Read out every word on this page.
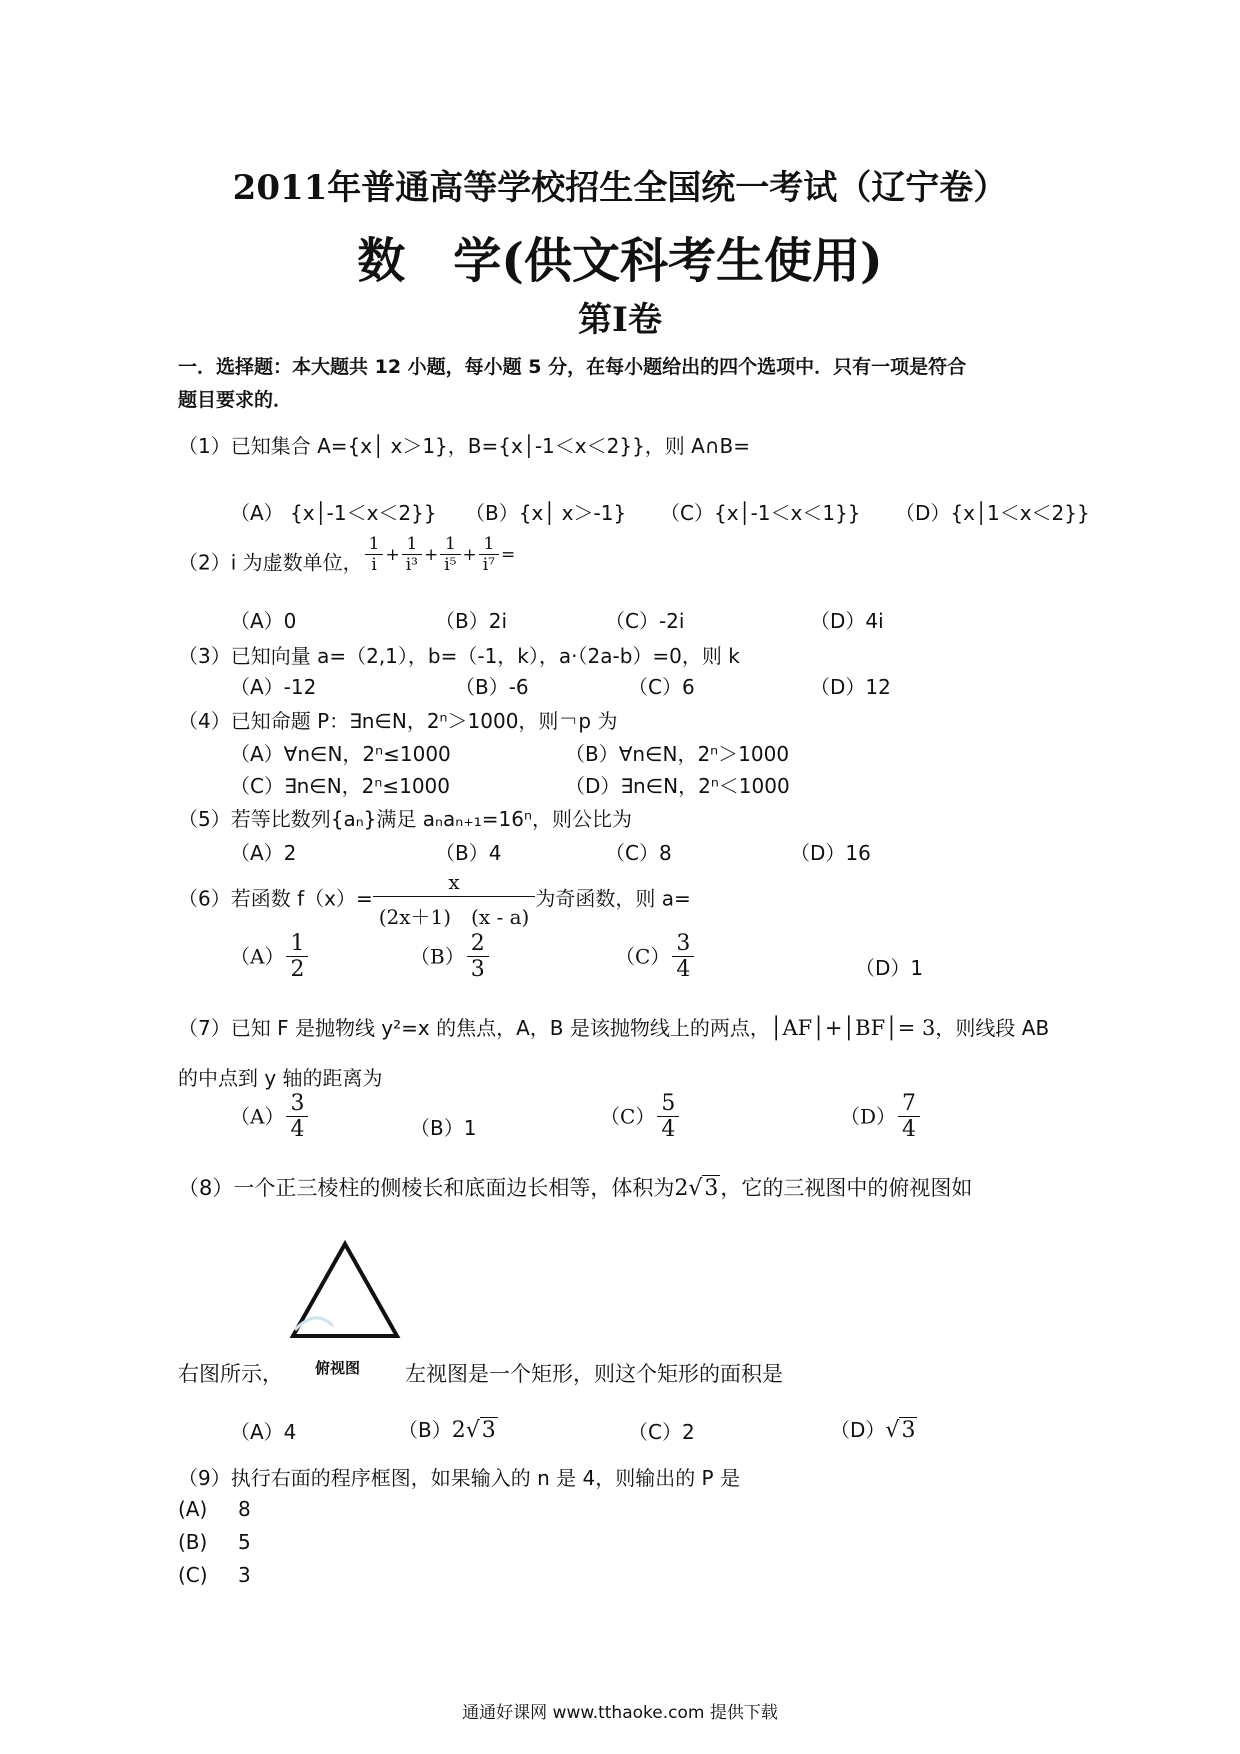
2011年普通高等学校招生全国统一考试（辽宁卷）
数　学(供文科考生使用)
第Ⅰ卷
一．选择题：本大题共 12 小题，每小题 5 分，在每小题给出的四个选项中．只有一项是符合
题目要求的．
（1）已知集合 A={x│ x＞1}，B={x│-1＜x＜2}}，则 A∩B=
（A） {x│-1＜x＜2}} （B）{x│ x＞-1} （C）{x│-1＜x＜1}} （D）{x│1＜x＜2}}
（2）i 为虚数单位， $^{\frac{1}{i} + \frac{1}{\text{i³}} + \frac{1}{\text{i⁵}} + \frac{1}{\text{i⁷}} =}$
（A）0	（B）2i	（C）-2i	（D）4i
（3）已知向量 a=（2,1），b=（-1，k），a·（2a-b）=0，则 k
（A）-12	（B）-6	（C）6	（D）12
（4）已知命题 P：∃n∈N，2ⁿ＞1000，则￢p 为
（A）∀n∈N，2ⁿ≤1000	（B）∀n∈N，2ⁿ＞1000
（C）∃n∈N，2ⁿ≤1000	（D）∃n∈N，2ⁿ＜1000
（5）若等比数列{aₙ}满足 aₙaₙ₊₁=16ⁿ，则公比为
（A）2	（B）4	（C）8	（D）16
（6）若函数 $f(x)= \frac{x}{(2x+1) (x - a)}$ 为奇函数，则 a=
$(A) \frac{1}{2}$	$(B) \frac{2}{3}$	$(C) \frac{3}{4}$	（D）1
（7）已知 F 是抛物线 y²=x 的焦点，A，B 是该抛物线上的两点，│AF│+│BF│= 3，则线段 AB
的中点到 y 轴的距离为
$(A) \frac{3}{4}$	（B）1	$(C) \frac{5}{4}$	$(D) \frac{7}{4}$
（8）一个正三棱柱的侧棱长和底面边长相等，体积为2√3，它的三视图中的俯视图如
俯视图
右图所示，	左视图是一个矩形，则这个矩形的面积是
（A）4	（B）2√3	（C）2	（D）√3
（9）执行右面的程序框图，如果输入的 n 是 4，则输出的 P 是
(A) 8
(B) 5
(C) 3
通通好课网 www.tthaoke.com 提供下载
